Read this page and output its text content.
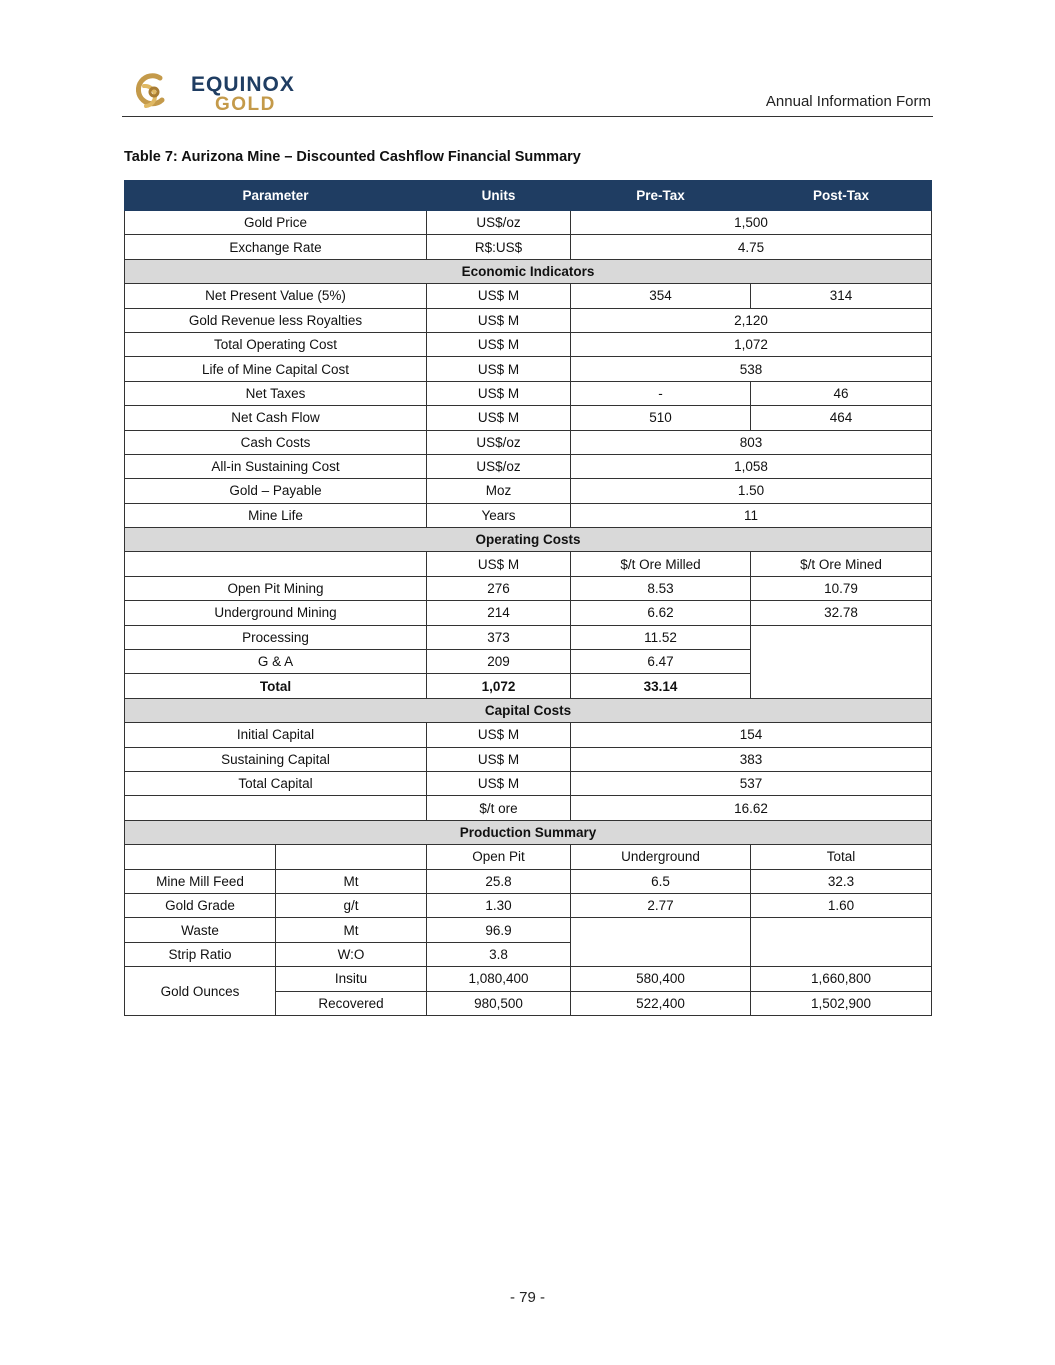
EQUINOX
GOLD	Annual Information Form
Table 7: Aurizona Mine – Discounted Cashflow Financial Summary
Parameter		Units	Pre-Tax	Post-Tax
Gold Price		US$/oz	1,500	
Exchange Rate		R$:US$	4.75	
Economic Indicators				
Net Present Value (5%)		US$ M	354	314
Gold Revenue less Royalties		US$ M	2,120	
Total Operating Cost		US$ M	1,072	
Life of Mine Capital Cost		US$ M	538	
Net Taxes		US$ M	-	46
Net Cash Flow		US$ M	510	464
Cash Costs		US$/oz	803	
All-in Sustaining Cost		US$/oz	1,058	
Gold – Payable		Moz	1.50	
Mine Life		Years	11	
Operating Costs				
		US$ M	$/t Ore Milled	$/t Ore Mined
Open Pit Mining		276	8.53	10.79
Underground Mining		214	6.62	32.78
Processing		373	11.52	
G & A		209	6.47	
Total		1,072	33.14	
Capital Costs				
Initial Capital		US$ M	154	
Sustaining Capital		US$ M	383	
Total Capital		US$ M	537	
		$/t ore	16.62	
Production Summary				
		Open Pit	Underground	Total
Mine Mill Feed	Mt	25.8	6.5	32.3
Gold Grade	g/t	1.30	2.77	1.60
Waste	Mt	96.9		
Strip Ratio	W:O	3.8		
Gold Ounces	Insitu	1,080,400	580,400	1,660,800
	Recovered	980,500	522,400	1,502,900
- 79 -
